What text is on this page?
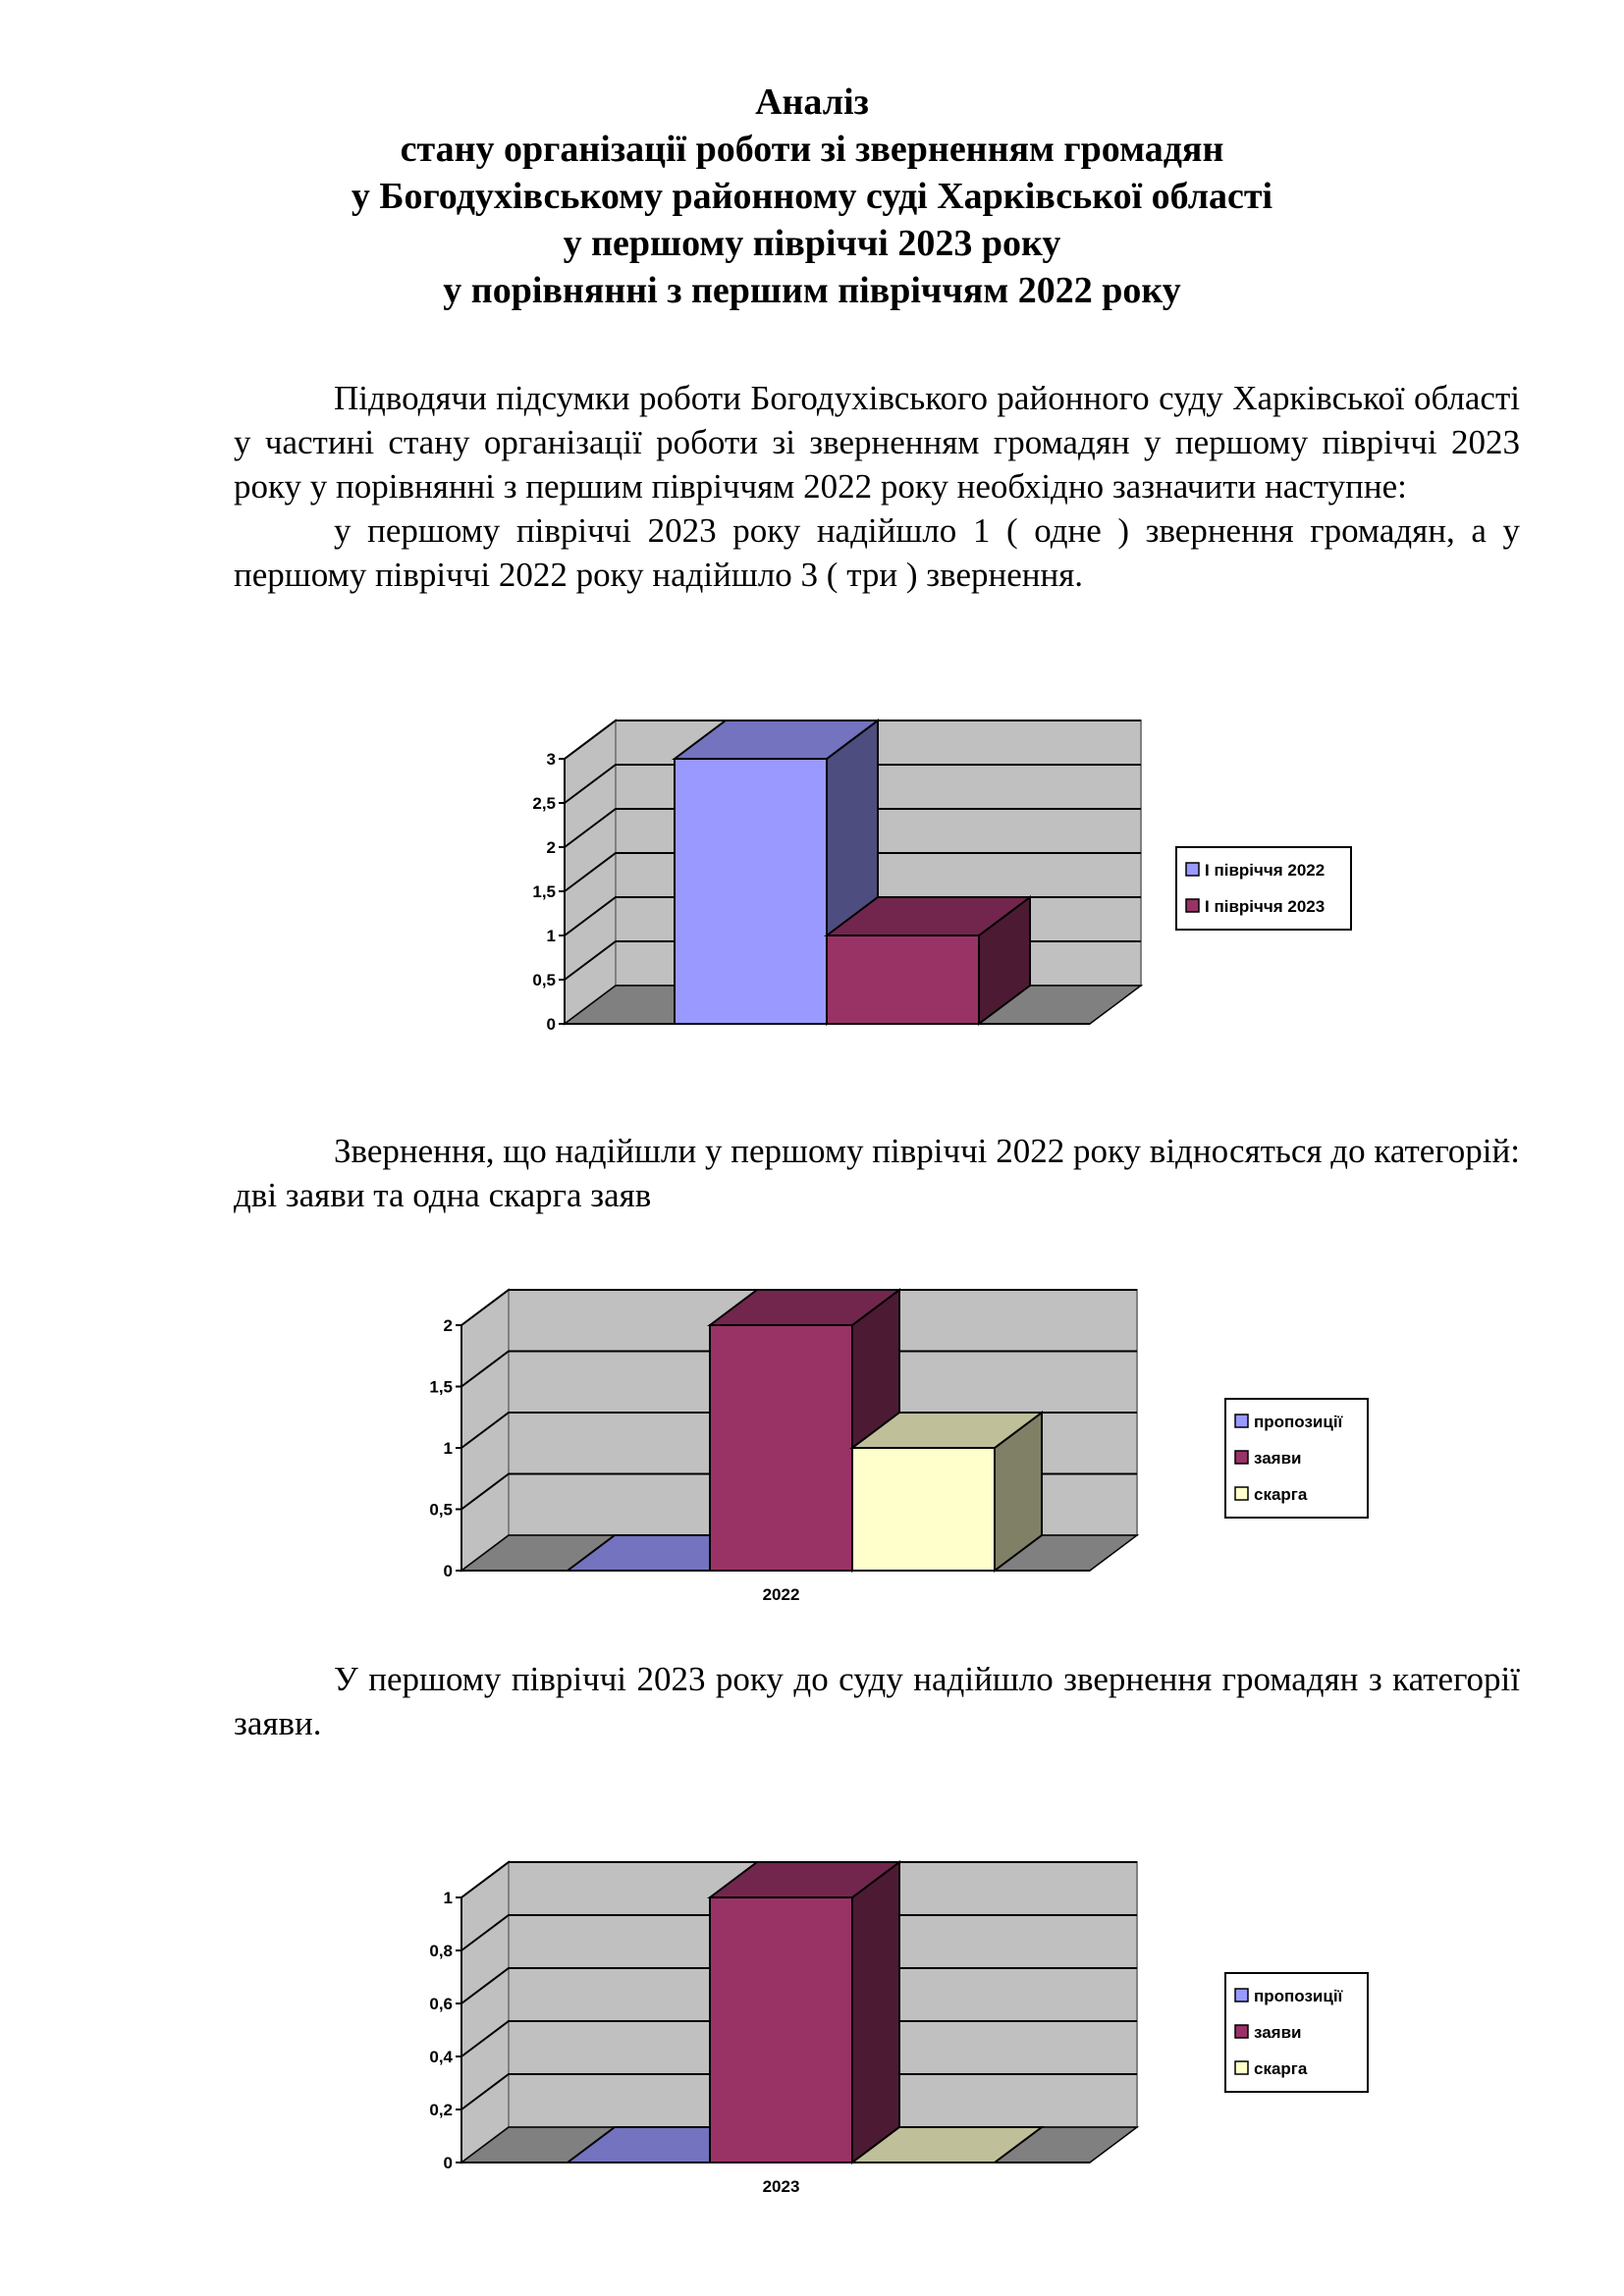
Аналіз
стану організації роботи зі зверненням громадян
у Богодухівському районному суді Харківської області
у першому півріччі 2023 року
у порівнянні з першим півріччям 2022 року

Підводячи підсумки роботи Богодухівського районного суду Харківської області у частині стану організації роботи зі зверненням громадян у першому півріччі 2023 року у порівнянні з першим півріччям 2022 року необхідно зазначити наступне:

у першому півріччі 2023 року надійшло 1 ( одне ) звернення громадян, а у першому півріччі 2022 року надійшло 3 ( три ) звернення.

0
0,5
1
1,5
2
2,5
3
І півріччя 2022
І півріччя 2023

Звернення, що надійшли у першому півріччі 2022 року відносяться до категорій: дві заяви та одна скарга заяв

0
0,5
1
1,5
2
2022
пропозиції
заяви
скарга

У першому півріччі 2023 року до суду надійшло звернення громадян з категорії заяви.

0
0,2
0,4
0,6
0,8
1
2023
пропозиції
заяви
скарга
